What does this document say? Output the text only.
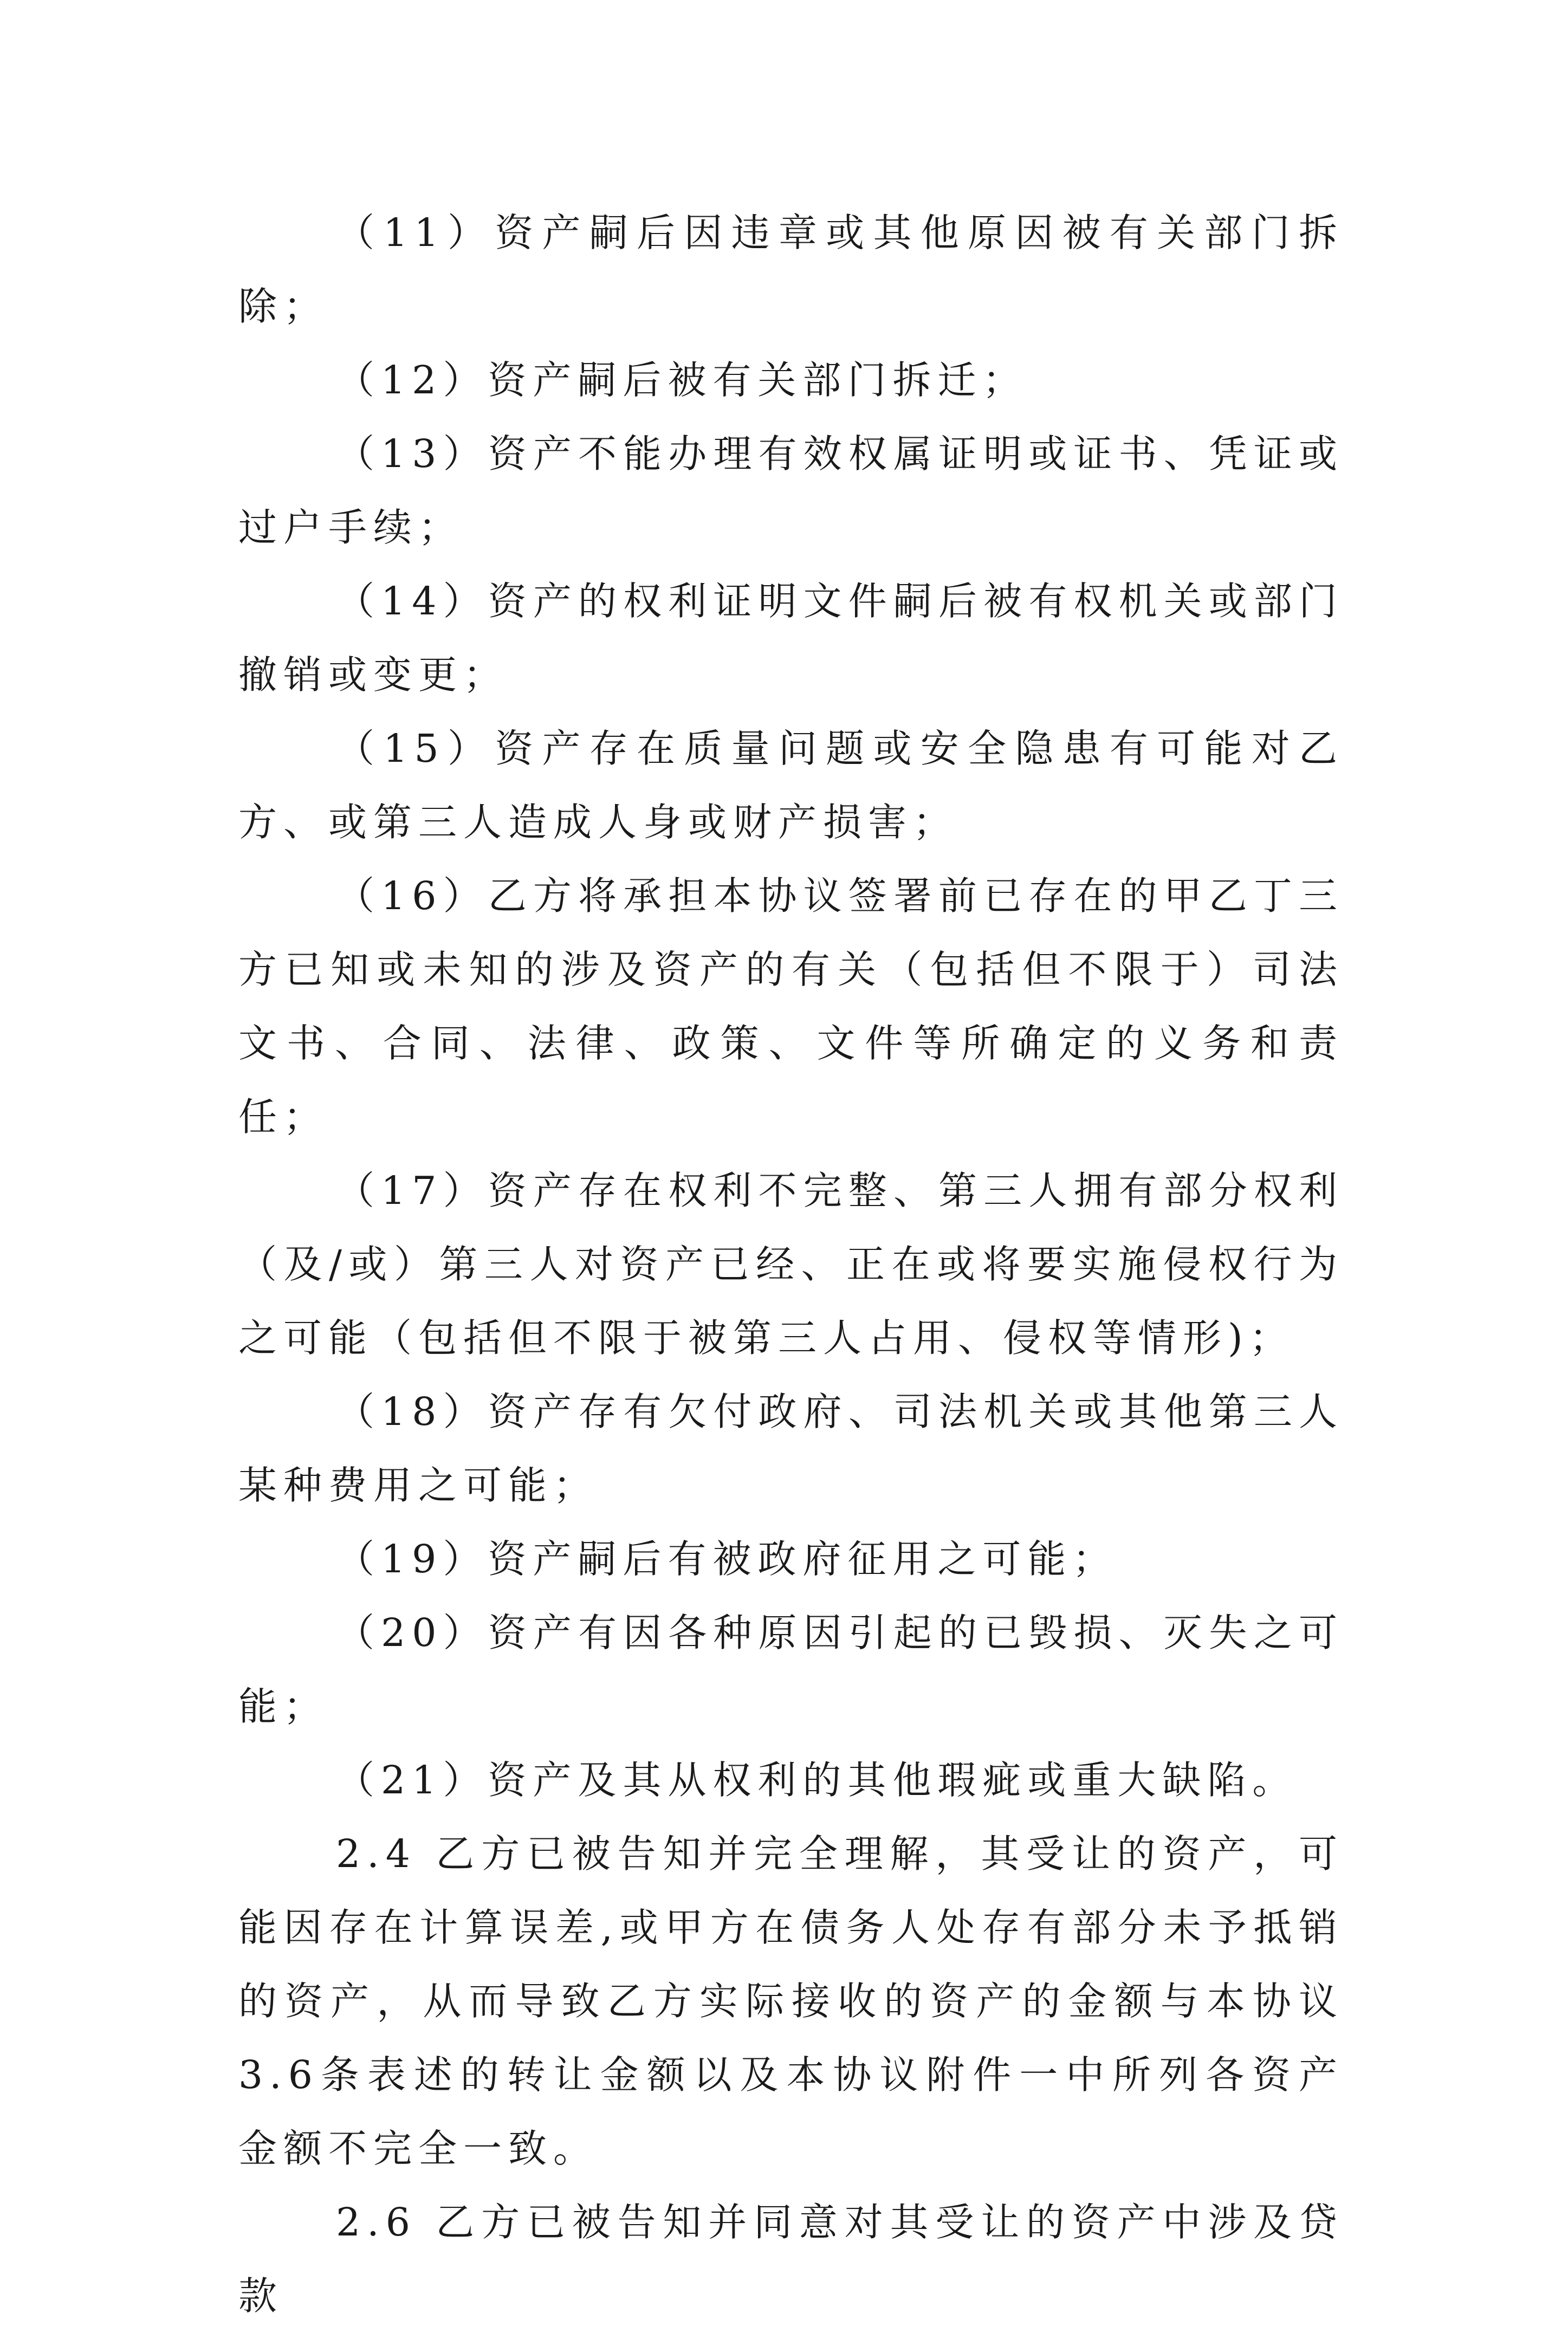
（11）资产嗣后因违章或其他原因被有关部门拆除；

（12）资产嗣后被有关部门拆迁；

（13）资产不能办理有效权属证明或证书、凭证或过户手续；

（14）资产的权利证明文件嗣后被有权机关或部门撤销或变更；

（15）资产存在质量问题或安全隐患有可能对乙方、或第三人造成人身或财产损害；

（16）乙方将承担本协议签署前已存在的甲乙丁三方已知或未知的涉及资产的有关（包括但不限于）司法文书、合同、法律、政策、文件等所确定的义务和责任；

（17）资产存在权利不完整、第三人拥有部分权利（及/或）第三人对资产已经、正在或将要实施侵权行为之可能（包括但不限于被第三人占用、侵权等情形)；

（18）资产存有欠付政府、司法机关或其他第三人某种费用之可能；

（19）资产嗣后有被政府征用之可能；

（20）资产有因各种原因引起的已毁损、灭失之可能；

（21）资产及其从权利的其他瑕疵或重大缺陷。

2.4 乙方已被告知并完全理解，其受让的资产，可能因存在计算误差,或甲方在债务人处存有部分未予抵销的资产，从而导致乙方实际接收的资产的金额与本协议3.6条表述的转让金额以及本协议附件一中所列各资产金额不完全一致。

2.6 乙方已被告知并同意对其受让的资产中涉及贷款
